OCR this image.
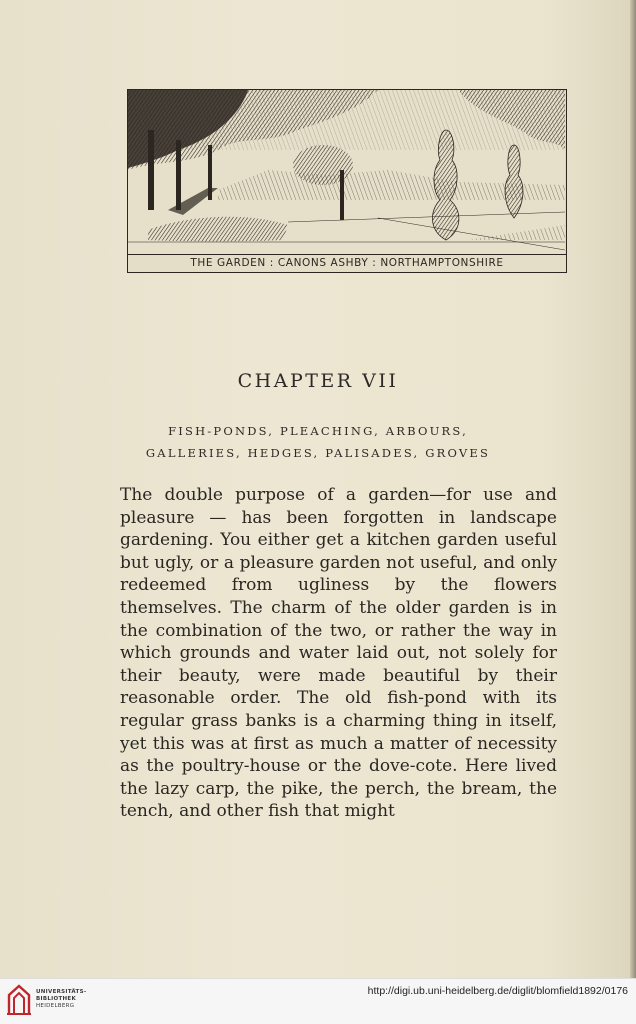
THE GARDEN : CANONS ASHBY : NORTHAMPTONSHIRE
CHAPTER VII
FISH-PONDS, PLEACHING, ARBOURS,
GALLERIES, HEDGES, PALISADES, GROVES
The double purpose of a garden—for use and pleasure — has been forgotten in landscape gardening. You either get a kitchen garden useful but ugly, or a pleasure garden not useful, and only redeemed from ugliness by the flowers themselves. The charm of the older garden is in the combination of the two, or rather the way in which grounds and water laid out, not solely for their beauty, were made beautiful by their reasonable order. The old fish-pond with its regular grass banks is a charming thing in itself, yet this was at first as much a matter of necessity as the poultry-house or the dove-cote. Here lived the lazy carp, the pike, the perch, the bream, the tench, and other fish that might
UNIVERSITÄTS-
BIBLIOTHEK
HEIDELBERG
http://digi.ub.uni-heidelberg.de/diglit/blomfield1892/0176
